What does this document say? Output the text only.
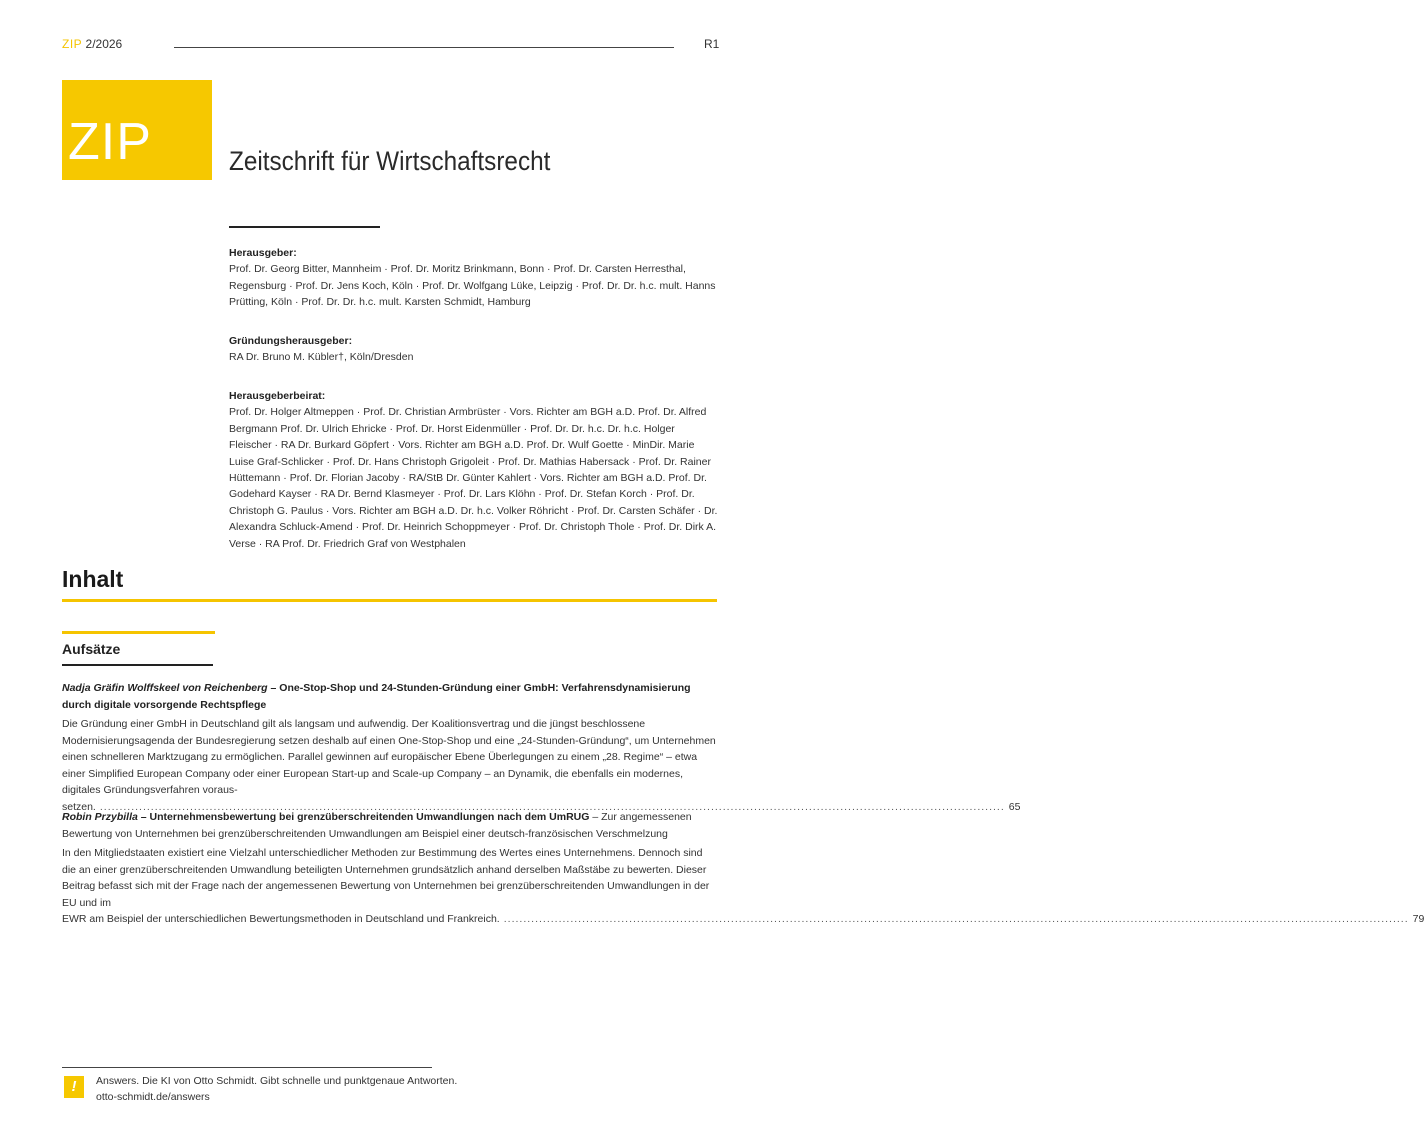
ZIP 2/2026	R1
ZIP	Zeitschrift für Wirtschaftsrecht
Herausgeber:
Prof. Dr. Georg Bitter, Mannheim · Prof. Dr. Moritz Brinkmann, Bonn · Prof. Dr. Carsten Herresthal, Regensburg · Prof. Dr. Jens Koch, Köln · Prof. Dr. Wolfgang Lüke, Leipzig · Prof. Dr. Dr. h.c. mult. Hanns Prütting, Köln · Prof. Dr. Dr. h.c. mult. Karsten Schmidt, Hamburg
Gründungsherausgeber:
RA Dr. Bruno M. Kübler†, Köln/Dresden
Herausgeberbeirat:
Prof. Dr. Holger Altmeppen · Prof. Dr. Christian Armbrüster · Vors. Richter am BGH a.D. Prof. Dr. Alfred Bergmann Prof. Dr. Ulrich Ehricke · Prof. Dr. Horst Eidenmüller · Prof. Dr. Dr. h.c. Dr. h.c. Holger Fleischer · RA Dr. Burkard Göpfert · Vors. Richter am BGH a.D. Prof. Dr. Wulf Goette · MinDir. Marie Luise Graf-Schlicker · Prof. Dr. Hans Christoph Grigoleit · Prof. Dr. Mathias Habersack · Prof. Dr. Rainer Hüttemann · Prof. Dr. Florian Jacoby · RA/StB Dr. Günter Kahlert · Vors. Richter am BGH a.D. Prof. Dr. Godehard Kayser · RA Dr. Bernd Klasmeyer · Prof. Dr. Lars Klöhn · Prof. Dr. Stefan Korch · Prof. Dr. Christoph G. Paulus · Vors. Richter am BGH a.D. Dr. h.c. Volker Röhricht · Prof. Dr. Carsten Schäfer · Dr. Alexandra Schluck-Amend · Prof. Dr. Heinrich Schoppmeyer · Prof. Dr. Christoph Thole · Prof. Dr. Dirk A. Verse · RA Prof. Dr. Friedrich Graf von Westphalen
Inhalt
Aufsätze
Nadja Gräfin Wolffskeel von Reichenberg – One-Stop-Shop und 24-Stunden-Gründung einer GmbH: Verfahrensdynamisierung durch digitale vorsorgende Rechtspflege
Die Gründung einer GmbH in Deutschland gilt als langsam und aufwendig. Der Koalitionsvertrag und die jüngst beschlossene Modernisierungsagenda der Bundesregierung setzen deshalb auf einen One-Stop-Shop und eine „24-Stunden-Gründung“, um Unternehmen einen schnelleren Marktzugang zu ermöglichen. Parallel gewinnen auf europäischer Ebene Überlegungen zu einem „28. Regime“ – etwa einer Simplified European Company oder einer European Start-up and Scale-up Company – an Dynamik, die ebenfalls ein modernes, digitales Gründungsverfahren voraus-
setzen. ....................................................................................................................................................................................................................................... 65
Robin Przybilla – Unternehmensbewertung bei grenzüberschreitenden Umwandlungen nach dem UmRUG – Zur angemessenen Bewertung von Unternehmen bei grenzüberschreitenden Umwandlungen am Beispiel einer deutsch-französischen Verschmelzung
In den Mitgliedstaaten existiert eine Vielzahl unterschiedlicher Methoden zur Bestimmung des Wertes eines Unternehmens. Dennoch sind die an einer grenzüberschreitenden Umwandlung beteiligten Unternehmen grundsätzlich anhand derselben Maßstäbe zu bewerten. Dieser Beitrag befasst sich mit der Frage nach der angemessenen Bewertung von Unternehmen bei grenzüberschreitenden Umwandlungen in der EU und im
EWR am Beispiel der unterschiedlichen Bewertungsmethoden in Deutschland und Frankreich. ....................................................................................................................................................................................................................................... 79
!	Answers. Die KI von Otto Schmidt. Gibt schnelle und punktgenaue Antworten.
otto-schmidt.de/answers
